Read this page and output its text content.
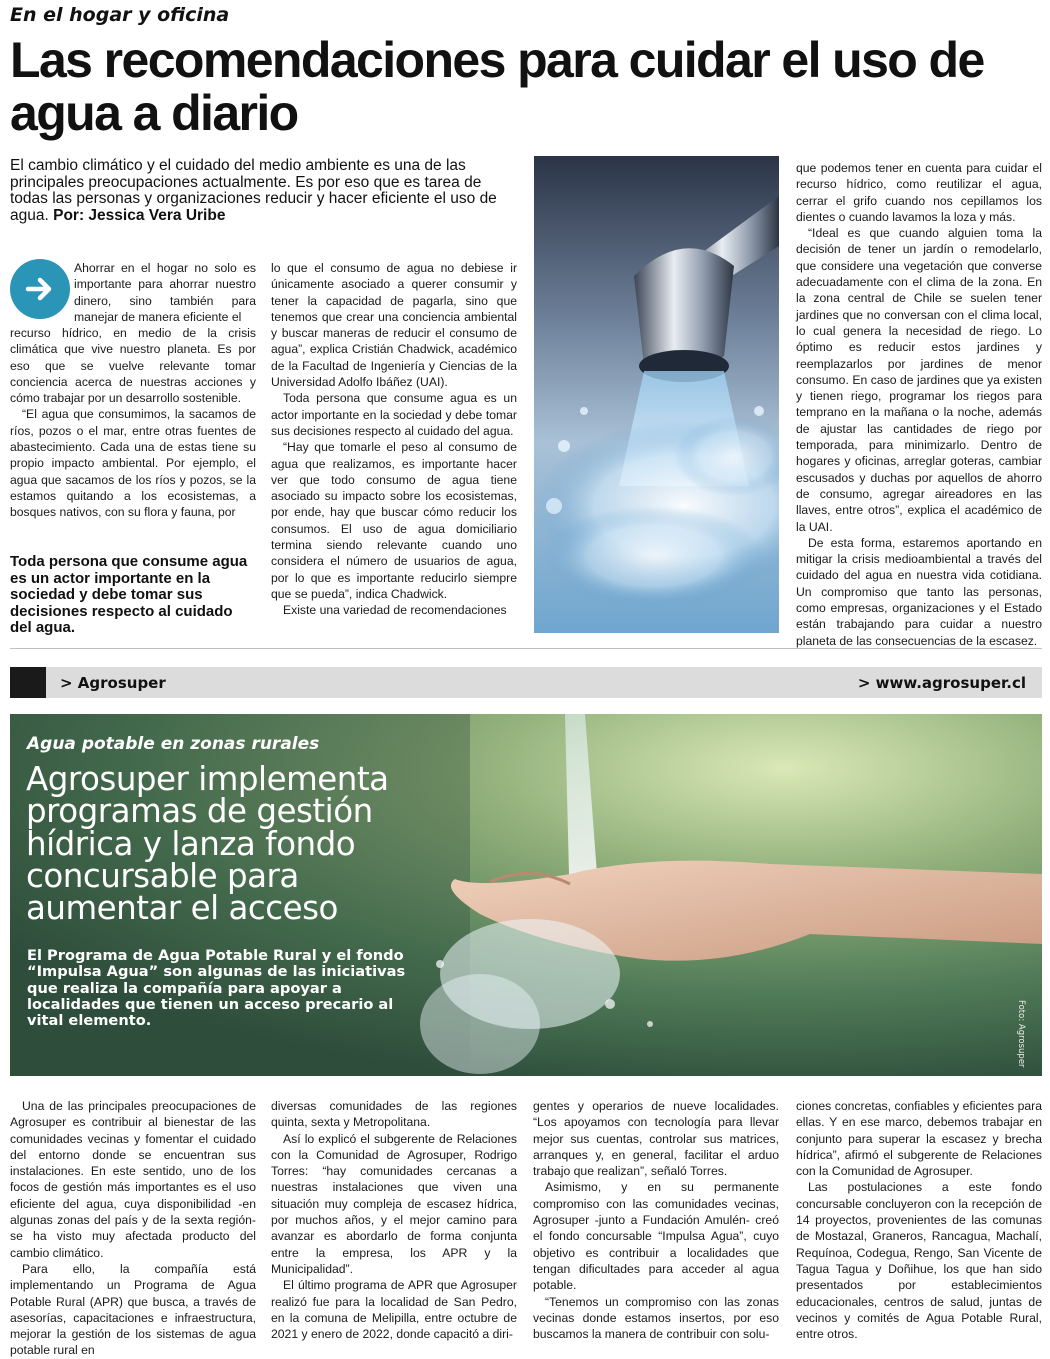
En el hogar y oficina
Las recomendaciones para cuidar el uso de agua a diario
El cambio climático y el cuidado del medio ambiente es una de las principales preocupaciones actualmente. Es por eso que es tarea de todas las personas y organizaciones reducir y hacer eficiente el uso de agua. Por: Jessica Vera Uribe

Ahorrar en el hogar no solo es importante para ahorrar nuestro dinero, sino también para manejar de manera eficiente el

recurso hídrico, en medio de la crisis climática que vive nuestro planeta. Es por eso que se vuelve relevante tomar conciencia acerca de nuestras acciones y cómo trabajar por un desarrollo sostenible.

“El agua que consumimos, la sacamos de ríos, pozos o el mar, entre otras fuentes de abastecimiento. Cada una de estas tiene su propio impacto ambiental. Por ejemplo, el agua que sacamos de los ríos y pozos, se la estamos quitando a los ecosistemas, a bosques nativos, con su flora y fauna, por

Toda persona que consume agua es un actor importante en la sociedad y debe tomar sus decisiones respecto al cuidado del agua.

lo que el consumo de agua no debiese ir únicamente asociado a querer consumir y tener la capacidad de pagarla, sino que tenemos que crear una conciencia ambiental y buscar maneras de reducir el consumo de agua”, explica Cristián Chadwick, académico de la Facultad de Ingeniería y Ciencias de la Universidad Adolfo Ibáñez (UAI).

Toda persona que consume agua es un actor importante en la sociedad y debe tomar sus decisiones respecto al cuidado del agua.

“Hay que tomarle el peso al consumo de agua que realizamos, es importante hacer ver que todo consumo de agua tiene asociado su impacto sobre los ecosistemas, por ende, hay que buscar cómo reducir los consumos. El uso de agua domiciliario termina siendo relevante cuando uno considera el número de usuarios de agua, por lo que es importante reducirlo siempre que se pueda”, indica Chadwick.

Existe una variedad de recomendaciones

que podemos tener en cuenta para cuidar el recurso hídrico, como reutilizar el agua, cerrar el grifo cuando nos cepillamos los dientes o cuando lavamos la loza y más.

“Ideal es que cuando alguien toma la decisión de tener un jardín o remodelarlo, que considere una vegetación que converse adecuadamente con el clima de la zona. En la zona central de Chile se suelen tener jardines que no conversan con el clima local, lo cual genera la necesidad de riego. Lo óptimo es reducir estos jardines y reemplazarlos por jardines de menor consumo. En caso de jardines que ya existen y tienen riego, programar los riegos para temprano en la mañana o la noche, además de ajustar las cantidades de riego por temporada, para minimizarlo. Dentro de hogares y oficinas, arreglar goteras, cambiar escusados y duchas por aquellos de ahorro de consumo, agregar aireadores en las llaves, entre otros”, explica el académico de la UAI.

De esta forma, estaremos aportando en mitigar la crisis medioambiental a través del cuidado del agua en nuestra vida cotidiana. Un compromiso que tanto las personas, como empresas, organizaciones y el Estado están trabajando para cuidar a nuestro planeta de las consecuencias de la escasez.

> Agrosuper	> www.agrosuper.cl
Agua potable en zonas rurales
Agrosuper implementa programas de gestión hídrica y lanza fondo concursable para aumentar el acceso
El Programa de Agua Potable Rural y el fondo “Impulsa Agua” son algunas de las iniciativas que realiza la compañía para apoyar a localidades que tienen un acceso precario al vital elemento.	Foto: Agrosuper

Una de las principales preocupaciones de Agrosuper es contribuir al bienestar de las comunidades vecinas y fomentar el cuidado del entorno donde se encuentran sus instalaciones. En este sentido, uno de los focos de gestión más importantes es el uso eficiente del agua, cuya disponibilidad -en algunas zonas del país y de la sexta región- se ha visto muy afectada producto del cambio climático.

Para ello, la compañía está implementando un Programa de Agua Potable Rural (APR) que busca, a través de asesorías, capacitaciones e infraestructura, mejorar la gestión de los sistemas de agua potable rural en

diversas comunidades de las regiones quinta, sexta y Metropolitana.

Así lo explicó el subgerente de Relaciones con la Comunidad de Agrosuper, Rodrigo Torres: “hay comunidades cercanas a nuestras instalaciones que viven una situación muy compleja de escasez hídrica, por muchos años, y el mejor camino para avanzar es abordarlo de forma conjunta entre la empresa, los APR y la Municipalidad”.

El último programa de APR que Agrosuper realizó fue para la localidad de San Pedro, en la comuna de Melipilla, entre octubre de 2021 y enero de 2022, donde capacitó a diri-

gentes y operarios de nueve localidades. “Los apoyamos con tecnología para llevar mejor sus cuentas, controlar sus matrices, arranques y, en general, facilitar el arduo trabajo que realizan”, señaló Torres.

Asimismo, y en su permanente compromiso con las comunidades vecinas, Agrosuper -junto a Fundación Amulén- creó el fondo concursable “Impulsa Agua”, cuyo objetivo es contribuir a localidades que tengan dificultades para acceder al agua potable.

“Tenemos un compromiso con las zonas vecinas donde estamos insertos, por eso buscamos la manera de contribuir con solu-

ciones concretas, confiables y eficientes para ellas. Y en ese marco, debemos trabajar en conjunto para superar la escasez y brecha hídrica”, afirmó el subgerente de Relaciones con la Comunidad de Agrosuper.

Las postulaciones a este fondo concursable concluyeron con la recepción de 14 proyectos, provenientes de las comunas de Mostazal, Graneros, Rancagua, Machalí, Requínoa, Codegua, Rengo, San Vicente de Tagua Tagua y Doñihue, los que han sido presentados por establecimientos educacionales, centros de salud, juntas de vecinos y comités de Agua Potable Rural, entre otros.
